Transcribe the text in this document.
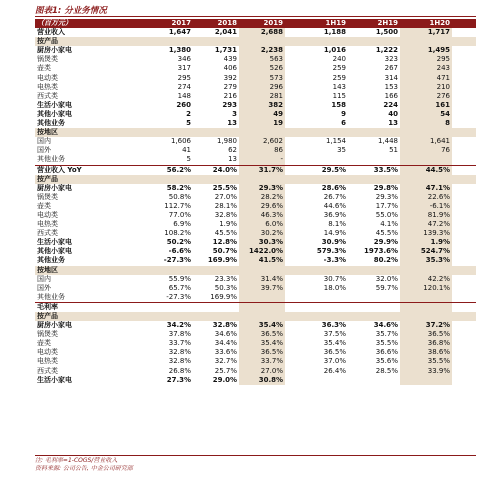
图表1: 分业务情况
（百万元）	2017	2018	2019		1H19	2H19	1H20	
营业收入	1,647	2,041	2,688		1,188	1,500	1,717	
按产品								
厨房小家电	1,380	1,731	2,238		1,016	1,222	1,495	
锅煲类	346	439	563		240	323	295	
壶类	317	406	526		259	267	243	
电动类	295	392	573		259	314	471	
电热类	274	279	296		143	153	210	
西式类	148	216	281		115	166	276	
生活小家电	260	293	382		158	224	161	
其他小家电	2	3	49		9	40	54	
其他业务	5	13	19		6	13	8	
按地区								
国内	1,606	1,980	2,602		1,154	1,448	1,641	
国外	41	62	86		35	51	76	
其他业务	5	13	-					
营业收入 YoY	56.2%	24.0%	31.7%		29.5%	33.5%	44.5%	
按产品								
厨房小家电	58.2%	25.5%	29.3%		28.6%	29.8%	47.1%	
锅煲类	50.8%	27.0%	28.2%		26.7%	29.3%	22.6%	
壶类	112.7%	28.1%	29.6%		44.6%	17.7%	-6.1%	
电动类	77.0%	32.8%	46.3%		36.9%	55.0%	81.9%	
电热类	6.9%	1.9%	6.0%		8.1%	4.1%	47.2%	
西式类	108.2%	45.5%	30.2%		14.9%	45.5%	139.3%	
生活小家电	50.2%	12.8%	30.3%		30.9%	29.9%	1.9%	
其他小家电	-6.6%	50.7%	1422.0%		579.3%	1973.6%	524.7%	
其他业务	-27.3%	169.9%	41.5%		-3.3%	80.2%	35.3%	
按地区								
国内	55.9%	23.3%	31.4%		30.7%	32.0%	42.2%	
国外	65.7%	50.3%	39.7%		18.0%	59.7%	120.1%	
其他业务	-27.3%	169.9%						
毛利率								
按产品								
厨房小家电	34.2%	32.8%	35.4%		36.3%	34.6%	37.2%	
锅煲类	37.8%	34.6%	36.5%		37.5%	35.7%	36.5%	
壶类	33.7%	34.4%	35.4%		35.4%	35.5%	36.8%	
电动类	32.8%	33.6%	36.5%		36.5%	36.6%	38.6%	
电热类	32.8%	32.7%	33.7%		37.0%	35.6%	35.5%	
西式类	26.8%	25.7%	27.0%		26.4%	28.5%	33.9%	
生活小家电	27.3%	29.0%	30.8%					
注: 毛利率=1-COGS/营业收入
资料来源: 公司公告, 中金公司研究部
